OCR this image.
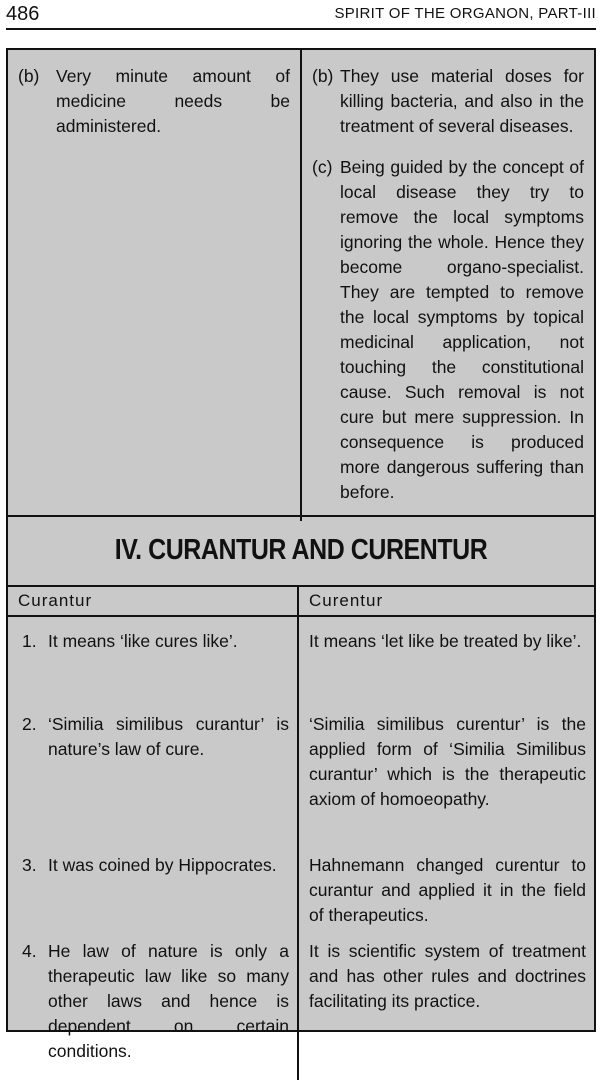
486	SPIRIT OF THE ORGANON, PART-III
(b) Very minute amount of medicine needs be administered.
(b) They use material doses for killing bacteria, and also in the treatment of several diseases.
(c) Being guided by the concept of local disease they try to remove the local symptoms ignoring the whole. Hence they become organo-specialist. They are tempted to remove the local symptoms by topical medicinal application, not touching the constitutional cause. Such removal is not cure but mere suppression. In consequence is produced more dangerous suffering than before.
IV. CURANTUR AND CURENTUR
Curantur
1. It means ‘like cures like’.
2. ‘Similia similibus curantur’ is nature’s law of cure.
3. It was coined by Hippocrates.
4. He law of nature is only a therapeutic law like so many other laws and hence is dependent on certain conditions.
Curentur
It means ‘let like be treated by like’.
‘Similia similibus curentur’ is the applied form of ‘Similia Similibus curantur’ which is the therapeutic axiom of homoeopathy.
Hahnemann changed curentur to curantur and applied it in the field of therapeutics.
It is scientific system of treatment and has other rules and doctrines facilitating its practice.
